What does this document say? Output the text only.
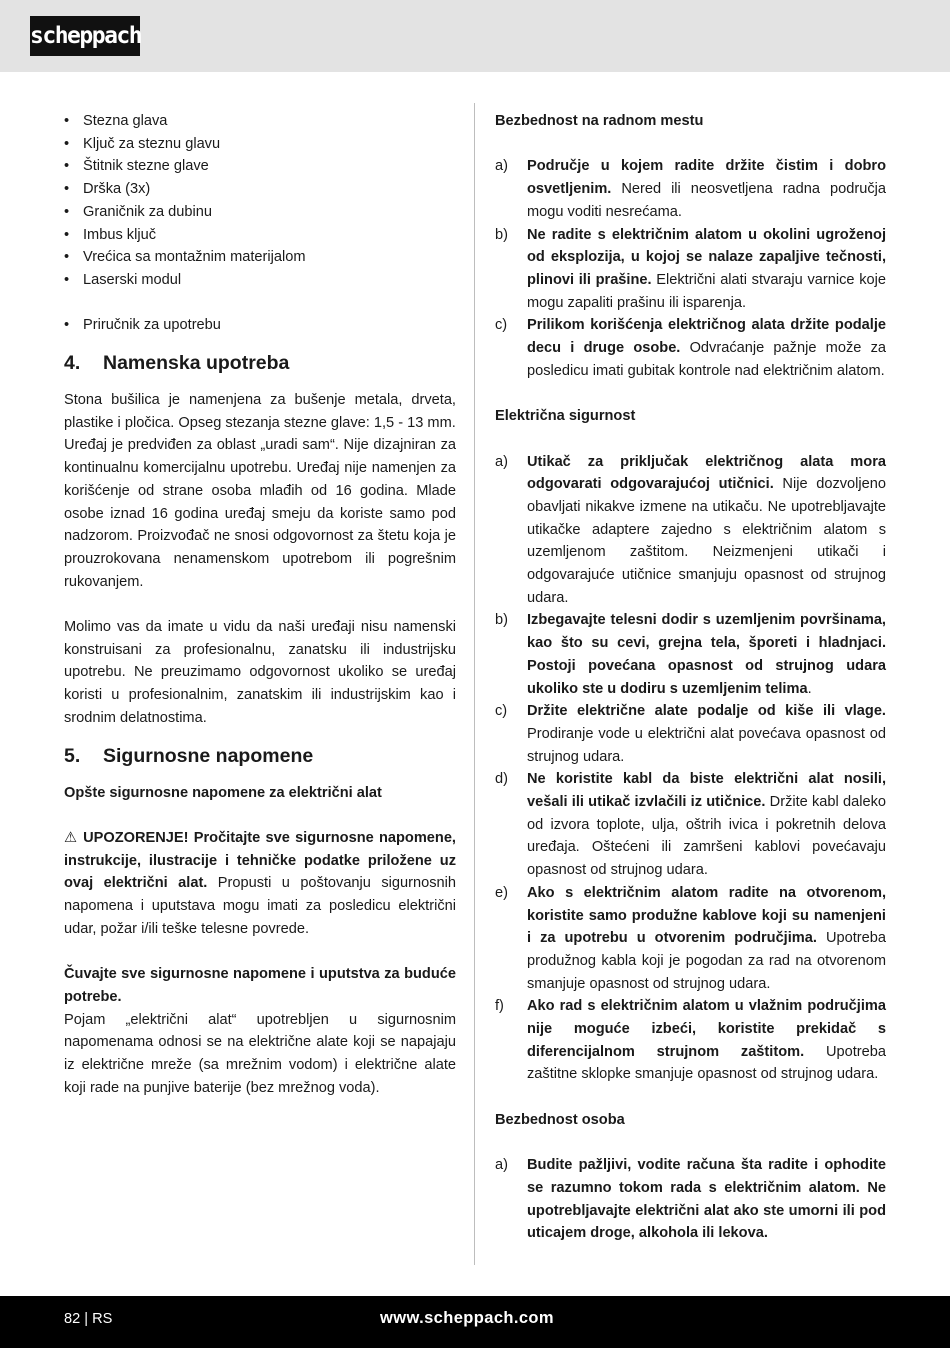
scheppach
• Stezna glava
• Ključ za steznu glavu
• Štitnik stezne glave
• Drška (3x)
• Graničnik za dubinu
• Imbus ključ
• Vrećica sa montažnim materijalom
• Laserski modul
• Priručnik za upotrebu
4.	Namenska upotreba

Stona bušilica je namenjena za bušenje metala, drveta, plastike i pločica. Opseg stezanja stezne glave: 1,5 - 13 mm.

Uređaj je predviđen za oblast „uradi sam“. Nije dizajniran za kontinualnu komercijalnu upotrebu. Uređaj nije namenjen za korišćenje od strane osoba mlađih od 16 godina. Mlade osobe iznad 16 godina uređaj smeju da koriste samo pod nadzorom. Proizvođač ne snosi odgovornost za štetu koja je prouzrokovana nenamenskom upotrebom ili pogrešnim rukovanjem.

Molimo vas da imate u vidu da naši uređaji nisu namenski konstruisani za profesionalnu, zanatsku ili industrijsku upotrebu. Ne preuzimamo odgovornost ukoliko se uređaj koristi u profesionalnim, zanatskim ili industrijskim kao i srodnim delatnostima.

5.	Sigurnosne napomene

Opšte sigurnosne napomene za električni alat

⚠ UPOZORENJE! Pročitajte sve sigurnosne napomene, instrukcije, ilustracije i tehničke podatke priložene uz ovaj električni alat. Propusti u poštovanju sigurnosnih napomena i uputstava mogu imati za posledicu električni udar, požar i/ili teške telesne povrede.

Čuvajte sve sigurnosne napomene i uputstva za buduće potrebe.

Pojam „električni alat“ upotrebljen u sigurnosnim napomenama odnosi se na električne alate koji se napajaju iz električne mreže (sa mrežnim vodom) i električne alate koji rade na punjive baterije (bez mrežnog voda).

Bezbednost na radnom mestu

a) Područje u kojem radite držite čistim i dobro osvetljenim. Nered ili neosvetljena radna područja mogu voditi nesrećama.
b) Ne radite s električnim alatom u okolini ugroženoj od eksplozija, u kojoj se nalaze zapaljive tečnosti, plinovi ili prašine. Električni alati stvaraju varnice koje mogu zapaliti prašinu ili isparenja.
c) Prilikom korišćenja električnog alata držite podalje decu i druge osobe. Odvraćanje pažnje može za posledicu imati gubitak kontrole nad električnim alatom.

Električna sigurnost

a) Utikač za priključak električnog alata mora odgovarati odgovarajućoj utičnici. Nije dozvoljeno obavljati nikakve izmene na utikaču. Ne upotrebljavajte utikačke adaptere zajedno s električnim alatom s uzemljenom zaštitom. Neizmenjeni utikači i odgovarajuće utičnice smanjuju opasnost od strujnog udara.
b) Izbegavajte telesni dodir s uzemljenim površinama, kao što su cevi, grejna tela, šporeti i hladnjaci. Postoji povećana opasnost od strujnog udara ukoliko ste u dodiru s uzemljenim telima.
c) Držite električne alate podalje od kiše ili vlage. Prodiranje vode u električni alat povećava opasnost od strujnog udara.
d) Ne koristite kabl da biste električni alat nosili, vešali ili utikač izvlačili iz utičnice. Držite kabl daleko od izvora toplote, ulja, oštrih ivica i pokretnih delova uređaja. Oštećeni ili zamršeni kablovi povećavaju opasnost od strujnog udara.
e) Ako s električnim alatom radite na otvorenom, koristite samo produžne kablove koji su namenjeni i za upotrebu u otvorenim područjima. Upotreba produžnog kabla koji je pogodan za rad na otvorenom smanjuje opasnost od strujnog udara.
f) Ako rad s električnim alatom u vlažnim područjima nije moguće izbeći, koristite prekidač s diferencijalnom strujnom zaštitom. Upotreba zaštitne sklopke smanjuje opasnost od strujnog udara.

Bezbednost osoba

a) Budite pažljivi, vodite računa šta radite i ophodite se razumno tokom rada s električnim alatom. Ne upotrebljavajte električni alat ako ste umorni ili pod uticajem droge, alkohola ili lekova.
82 | RS	www.scheppach.com
